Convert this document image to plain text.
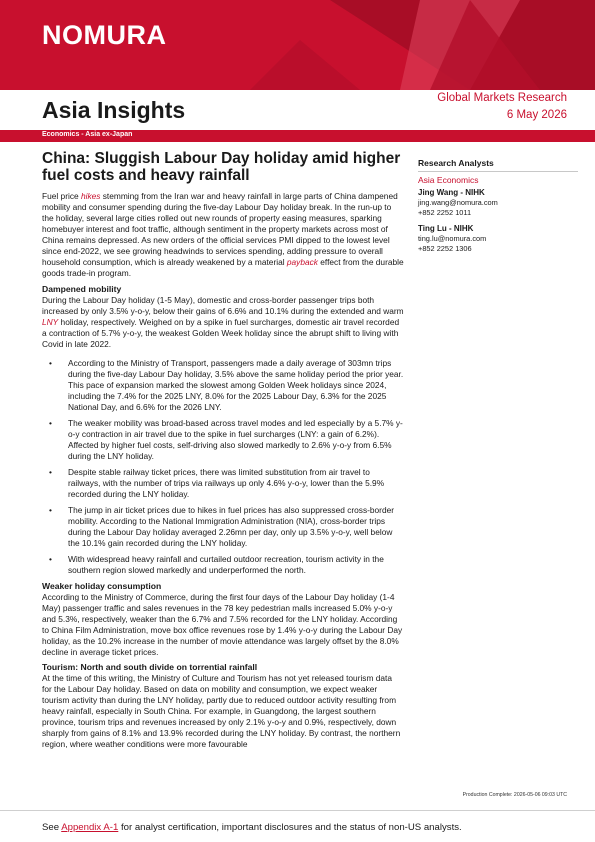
NOMURA
Asia Insights	Global Markets Research
6 May 2026
Economics - Asia ex-Japan
China: Sluggish Labour Day holiday amid higher fuel costs and heavy rainfall

Fuel price hikes stemming from the Iran war and heavy rainfall in large parts of China dampened mobility and consumer spending during the five-day Labour Day holiday break. In the run-up to the holiday, several large cities rolled out new rounds of property easing measures, sparking homebuyer interest and foot traffic, although sentiment in the property markets across most of China remains depressed. As new orders of the official services PMI dipped to the lowest level since end-2022, we see growing headwinds to services spending, adding pressure to overall household consumption, which is already weakened by a material payback effect from the durable goods trade-in program.

Dampened mobility

During the Labour Day holiday (1-5 May), domestic and cross-border passenger trips both increased by only 3.5% y-o-y, below their gains of 6.6% and 10.1% during the extended and warm LNY holiday, respectively. Weighed on by a spike in fuel surcharges, domestic air travel recorded a contraction of 5.7% y-o-y, the weakest Golden Week holiday since the abrupt shift to living with Covid in late 2022.

• According to the Ministry of Transport, passengers made a daily average of 303mn trips during the five-day Labour Day holiday, 3.5% above the same holiday period the prior year. This pace of expansion marked the slowest among Golden Week holidays since 2024, including the 7.4% for the 2025 LNY, 8.0% for the 2025 Labour Day, 6.3% for the 2025 National Day, and 6.6% for the 2026 LNY.
• The weaker mobility was broad-based across travel modes and led especially by a 5.7% y-o-y contraction in air travel due to the spike in fuel surcharges (LNY: a gain of 6.2%). Affected by higher fuel costs, self-driving also slowed markedly to 2.6% y-o-y from 6.5% during the LNY holiday.
• Despite stable railway ticket prices, there was limited substitution from air travel to railways, with the number of trips via railways up only 4.6% y-o-y, lower than the 5.9% recorded during the LNY holiday.
• The jump in air ticket prices due to hikes in fuel prices has also suppressed cross-border mobility. According to the National Immigration Administration (NIA), cross-border trips during the Labour Day holiday averaged 2.26mn per day, only up 3.5% y-o-y, well below the 10.1% gain recorded during the LNY holiday.
• With widespread heavy rainfall and curtailed outdoor recreation, tourism activity in the southern region slowed markedly and underperformed the north.

Weaker holiday consumption

According to the Ministry of Commerce, during the first four days of the Labour Day holiday (1-4 May) passenger traffic and sales revenues in the 78 key pedestrian malls increased 5.0% y-o-y and 5.3%, respectively, weaker than the 6.7% and 7.5% recorded for the LNY holiday. According to China Film Administration, move box office revenues rose by 1.4% y-o-y during the Labour Day holiday, as the 10.2% increase in the number of movie attendance was largely offset by the 8.0% decline in average ticket prices.

Tourism: North and south divide on torrential rainfall

At the time of this writing, the Ministry of Culture and Tourism has not yet released tourism data for the Labour Day holiday. Based on data on mobility and consumption, we expect weaker tourism activity than during the LNY holiday, partly due to reduced outdoor activity resulting from heavy rainfall, especially in South China. For example, in Guangdong, the largest southern province, tourism trips and revenues increased by only 2.1% y-o-y and 0.9%, respectively, down sharply from gains of 8.1% and 13.9% recorded during the LNY holiday. By contrast, the northern region, where weather conditions were more favourable

Research Analysts
Asia Economics
Jing Wang - NIHK
jing.wang@nomura.com
+852 2252 1011
Ting Lu - NIHK
ting.lu@nomura.com
+852 2252 1306
Production Complete: 2026-05-06 09:03 UTC
See Appendix A-1 for analyst certification, important disclosures and the status of non-US analysts.
